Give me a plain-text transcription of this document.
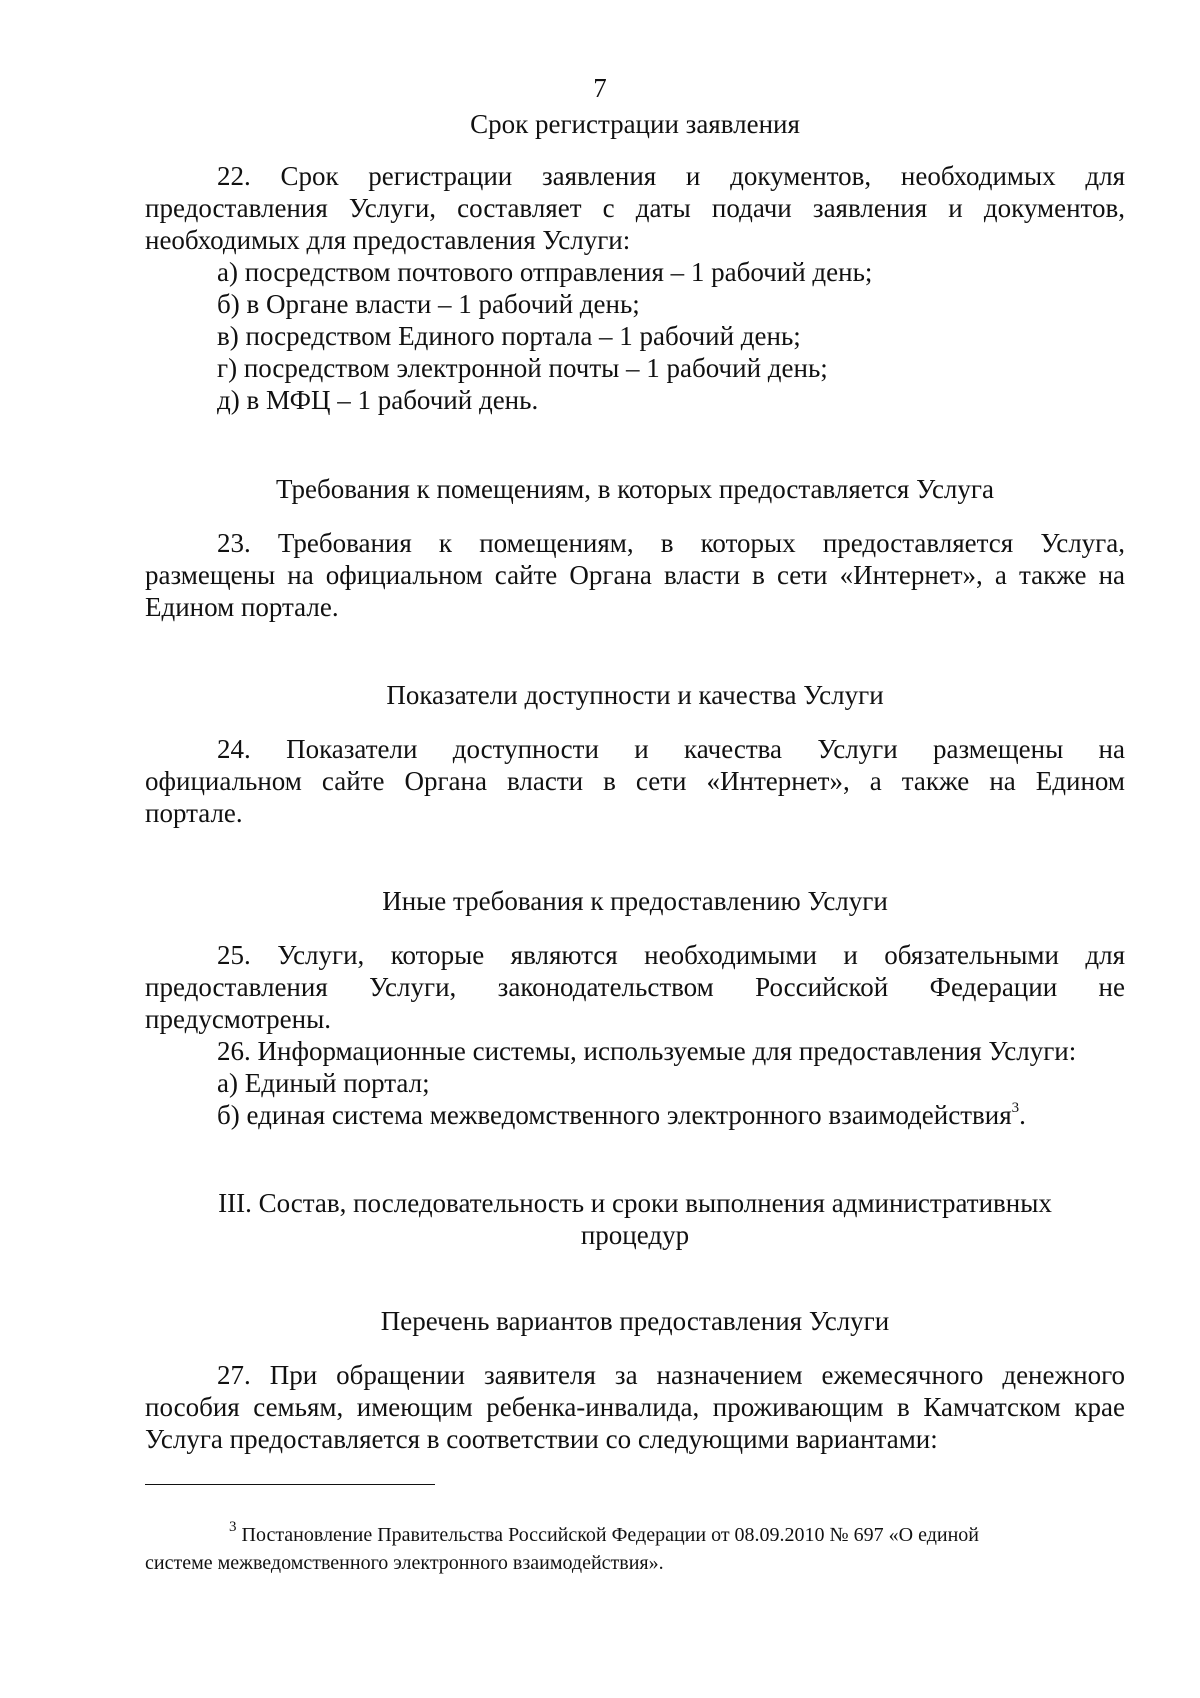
7
Срок регистрации заявления
22. Срок регистрации заявления и документов, необходимых для
предоставления Услуги, составляет с даты подачи заявления и документов,
необходимых для предоставления Услуги:
а) посредством почтового отправления – 1 рабочий день;
б) в Органе власти – 1 рабочий день;
в) посредством Единого портала – 1 рабочий день;
г) посредством электронной почты – 1 рабочий день;
д) в МФЦ – 1 рабочий день.
Требования к помещениям, в которых предоставляется Услуга
23. Требования к помещениям, в которых предоставляется Услуга,
размещены на официальном сайте Органа власти в сети «Интернет», а также на
Едином портале.
Показатели доступности и качества Услуги
24. Показатели доступности и качества Услуги размещены на
официальном сайте Органа власти в сети «Интернет», а также на Едином
портале.
Иные требования к предоставлению Услуги
25. Услуги, которые являются необходимыми и обязательными для
предоставления Услуги, законодательством Российской Федерации не
предусмотрены.
26. Информационные системы, используемые для предоставления Услуги:
а) Единый портал;
б) единая система межведомственного электронного взаимодействия$^3$.
III. Состав, последовательность и сроки выполнения административных
процедур
Перечень вариантов предоставления Услуги
27. При обращении заявителя за назначением ежемесячного денежного
пособия семьям, имеющим ребенка-инвалида, проживающим в Камчатском крае
Услуга предоставляется в соответствии со следующими вариантами:
$^3$ Постановление Правительства Российской Федерации от 08.09.2010 № 697 «О единой
системе межведомственного электронного взаимодействия».
